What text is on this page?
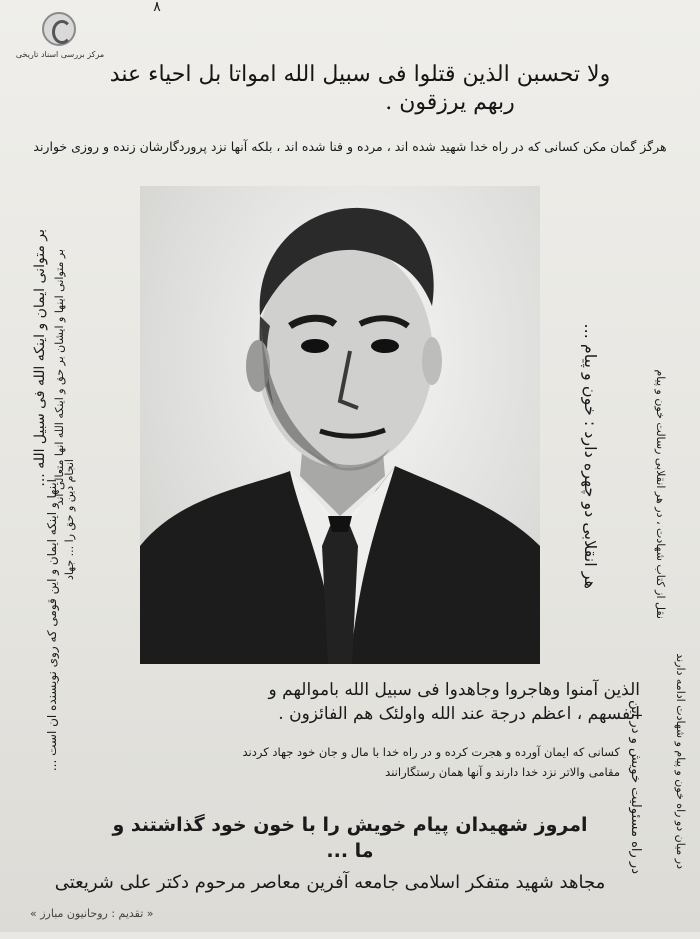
مرکز بررسی اسناد تاریخی
٨
ولا تحسبن الذین قتلوا فی سبیل الله امواتا بل احیاء عند
ربهم یرزقون .
هرگز گمان مکن کسانی که در راه خدا شهید شده اند ، مرده و فنا شده اند ، بلکه آنها نزد پروردگارشان زنده و روزی خوارند
بر متوانی ایمان و اینکه الله فی سبیل الله ... بر متوانی اینها و ایشان بر حق و اینکه الله انها متعالی اند
اینها و اینکه ایمان و این قومی که روی نویسنده ان است ... انجام دین و حق را ... جهاد	هر انقلابی دو چهره دارد : خون و پیام ...	نقل از کتاب شهادت ، در هر انقلابی رسالت خون و پیام
در راه مسئولیت خویش و در این	در میان دو راه خون و پیام و شهادت ادامه دارند
الذین آمنوا وهاجروا وجاهدوا فی سبیل الله باموالهم و
انفسهم ، اعظم درجة عند الله واولئک هم الفائزون .
کسانی که ایمان آورده و هجرت کرده و در راه خدا با مال و جان خود جهاد کردند
مقامی والاتر نزد خدا دارند و آنها همان رستگارانند
امروز شهیدان پیام خویش را با خون خود گذاشتند و ما ...
مجاهد شهید متفکر اسلامی جامعه آفرین معاصر مرحوم دکتر علی شریعتی
« تقدیم : روحانیون مبارز »
